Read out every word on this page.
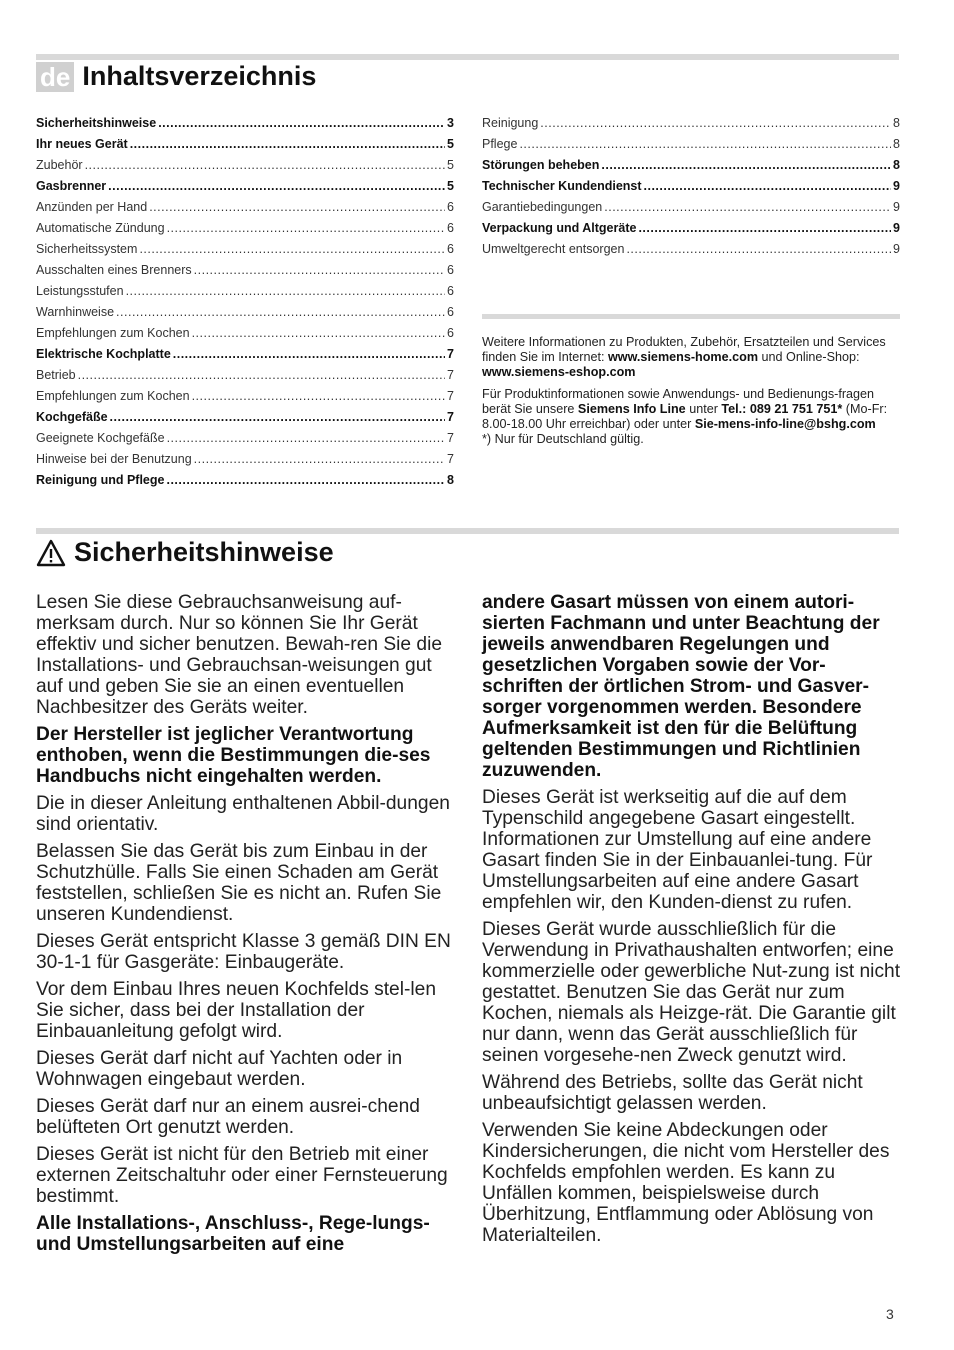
de Inhaltsverzeichnis
Sicherheitshinweise .....	3
Ihr neues Gerät .....	5
Zubehör .....	5
Gasbrenner .....	5
Anzünden per Hand .....	6
Automatische Zündung .....	6
Sicherheitssystem .....	6
Ausschalten eines Brenners .....	6
Leistungsstufen .....	6
Warnhinweise .....	6
Empfehlungen zum Kochen .....	6
Elektrische Kochplatte .....	7
Betrieb .....	7
Empfehlungen zum Kochen .....	7
Kochgefäße .....	7
Geeignete Kochgefäße .....	7
Hinweise bei der Benutzung .....	7
Reinigung und Pflege .....	8
Reinigung .....	8
Pflege .....	8
Störungen beheben .....	8
Technischer Kundendienst .....	9
Garantiebedingungen .....	9
Verpackung und Altgeräte .....	9
Umweltgerecht entsorgen .....	9

Weitere Informationen zu Produkten, Zubehör, Ersatzteilen und Services finden Sie im Internet: www.siemens-home.com und Online-Shop: www.siemens-eshop.com

Für Produktinformationen sowie Anwendungs- und Bedienungs-fragen berät Sie unsere Siemens Info Line unter Tel.: 089 21 751 751* (Mo-Fr: 8.00-18.00 Uhr erreichbar) oder unter Sie-mens-info-line@bshg.com

*) Nur für Deutschland gültig.

Sicherheitshinweise

Lesen Sie diese Gebrauchsanweisung auf-merksam durch. Nur so können Sie Ihr Gerät effektiv und sicher benutzen. Bewah-ren Sie die Installations- und Gebrauchsan-weisungen gut auf und geben Sie sie an einen eventuellen Nachbesitzer des Geräts weiter.

Der Hersteller ist jeglicher Verantwortung enthoben, wenn die Bestimmungen die-ses Handbuchs nicht eingehalten werden.

Die in dieser Anleitung enthaltenen Abbil-dungen sind orientativ.

Belassen Sie das Gerät bis zum Einbau in der Schutzhülle. Falls Sie einen Schaden am Gerät feststellen, schließen Sie es nicht an. Rufen Sie unseren Kundendienst.

Dieses Gerät entspricht Klasse 3 gemäß DIN EN 30-1-1 für Gasgeräte: Einbaugeräte.

Vor dem Einbau Ihres neuen Kochfelds stel-len Sie sicher, dass bei der Installation der Einbauanleitung gefolgt wird.

Dieses Gerät darf nicht auf Yachten oder in Wohnwagen eingebaut werden.

Dieses Gerät darf nur an einem ausrei-chend belüfteten Ort genutzt werden.

Dieses Gerät ist nicht für den Betrieb mit einer externen Zeitschaltuhr oder einer Fernsteuerung bestimmt.

Alle Installations-, Anschluss-, Rege-lungs- und Umstellungsarbeiten auf eine

andere Gasart müssen von einem autori-sierten Fachmann und unter Beachtung der jeweils anwendbaren Regelungen und gesetzlichen Vorgaben sowie der Vor-schriften der örtlichen Strom- und Gasver-sorger vorgenommen werden. Besondere Aufmerksamkeit ist den für die Belüftung geltenden Bestimmungen und Richtlinien zuzuwenden.

Dieses Gerät ist werkseitig auf die auf dem Typenschild angegebene Gasart eingestellt. Informationen zur Umstellung auf eine andere Gasart finden Sie in der Einbauanlei-tung. Für Umstellungsarbeiten auf eine andere Gasart empfehlen wir, den Kunden-dienst zu rufen.

Dieses Gerät wurde ausschließlich für die Verwendung in Privathaushalten entworfen; eine kommerzielle oder gewerbliche Nut-zung ist nicht gestattet. Benutzen Sie das Gerät nur zum Kochen, niemals als Heizge-rät. Die Garantie gilt nur dann, wenn das Gerät ausschließlich für seinen vorgesehe-nen Zweck genutzt wird.

Während des Betriebs, sollte das Gerät nicht unbeaufsichtigt gelassen werden.

Verwenden Sie keine Abdeckungen oder Kindersicherungen, die nicht vom Hersteller des Kochfelds empfohlen werden. Es kann zu Unfällen kommen, beispielsweise durch Überhitzung, Entflammung oder Ablösung von Materialteilen.

3
